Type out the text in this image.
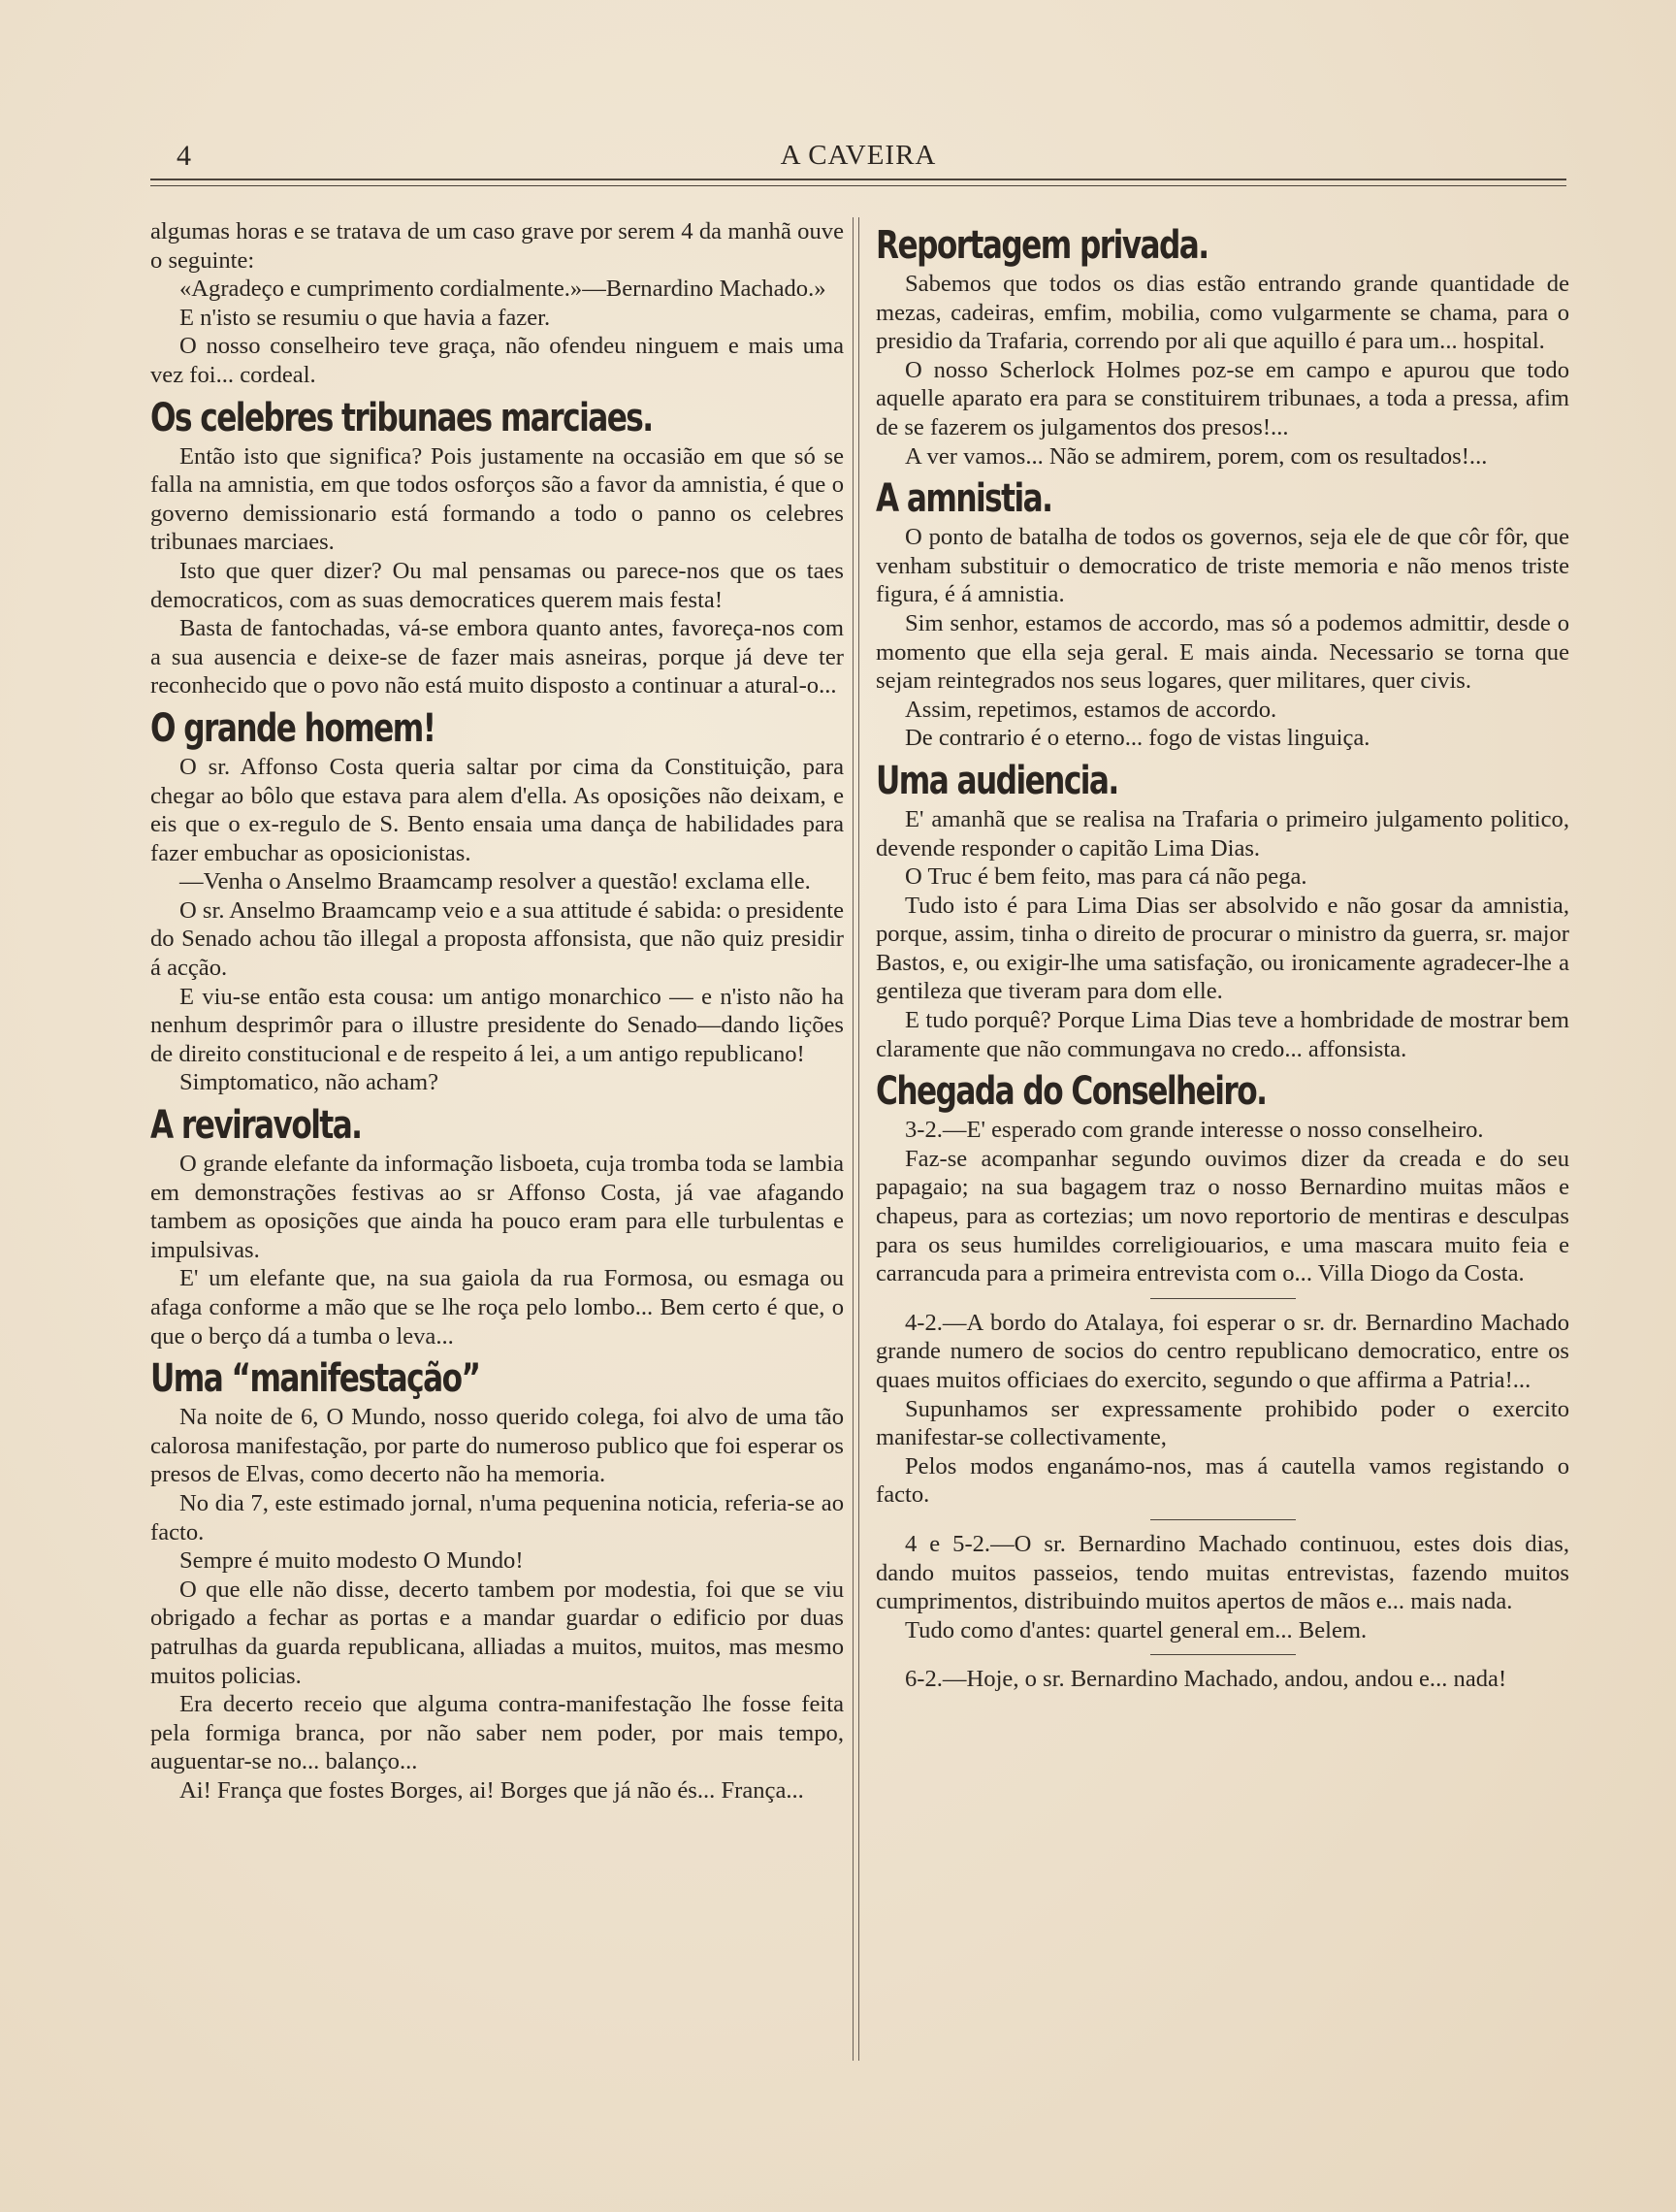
4	A CAVEIRA

algumas horas e se tratava de um caso grave por serem 4 da manhã ouve o seguinte:

«Agradeço e cumprimento cordialmente.»—Bernardino Machado.»

E n'isto se resumiu o que havia a fazer.

O nosso conselheiro teve graça, não ofendeu ninguem e mais uma vez foi... cordeal.

Os celebres tribunaes marciaes.

Então isto que significa? Pois justamente na occasião em que só se falla na amnistia, em que todos osforços são a favor da amnistia, é que o governo demissionario está formando a todo o panno os celebres tribunaes marciaes.

Isto que quer dizer? Ou mal pensamas ou parece-nos que os taes democraticos, com as suas democratices querem mais festa!

Basta de fantochadas, vá-se embora quanto antes, favoreça-nos com a sua ausencia e deixe-se de fazer mais asneiras, porque já deve ter reconhecido que o povo não está muito disposto a continuar a atural-o...

O grande homem!

O sr. Affonso Costa queria saltar por cima da Constituição, para chegar ao bôlo que estava para alem d'ella. As oposições não deixam, e eis que o ex-regulo de S. Bento ensaia uma dança de habilidades para fazer embuchar as oposicionistas.

—Venha o Anselmo Braamcamp resolver a questão! exclama elle.

O sr. Anselmo Braamcamp veio e a sua attitude é sabida: o presidente do Senado achou tão illegal a proposta affonsista, que não quiz presidir á acção.

E viu-se então esta cousa: um antigo monarchico — e n'isto não ha nenhum desprimôr para o illustre presidente do Senado—dando lições de direito constitucional e de respeito á lei, a um antigo republicano!

Simptomatico, não acham?

A reviravolta.

O grande elefante da informação lisboeta, cuja tromba toda se lambia em demonstrações festivas ao sr Affonso Costa, já vae afagando tambem as oposições que ainda ha pouco eram para elle turbulentas e impulsivas.

E' um elefante que, na sua gaiola da rua Formosa, ou esmaga ou afaga conforme a mão que se lhe roça pelo lombo... Bem certo é que, o que o berço dá a tumba o leva...

Uma “manifestação”

Na noite de 6, O Mundo, nosso querido colega, foi alvo de uma tão calorosa manifestação, por parte do numeroso publico que foi esperar os presos de Elvas, como decerto não ha memoria.

No dia 7, este estimado jornal, n'uma pequenina noticia, referia-se ao facto.

Sempre é muito modesto O Mundo!

O que elle não disse, decerto tambem por modestia, foi que se viu obrigado a fechar as portas e a mandar guardar o edificio por duas patrulhas da guarda republicana, alliadas a muitos, muitos, mas mesmo muitos policias.

Era decerto receio que alguma contra-manifestação lhe fosse feita pela formiga branca, por não saber nem poder, por mais tempo, auguentar-se no... balanço...

Ai! França que fostes Borges, ai! Borges que já não és... França...

Reportagem privada.

Sabemos que todos os dias estão entrando grande quantidade de mezas, cadeiras, emfim, mobilia, como vulgarmente se chama, para o presidio da Trafaria, correndo por ali que aquillo é para um... hospital.

O nosso Scherlock Holmes poz-se em campo e apurou que todo aquelle aparato era para se constituirem tribunaes, a toda a pressa, afim de se fazerem os julgamentos dos presos!...

A ver vamos... Não se admirem, porem, com os resultados!...

A amnistia.

O ponto de batalha de todos os governos, seja ele de que côr fôr, que venham substituir o democratico de triste memoria e não menos triste figura, é á amnistia.

Sim senhor, estamos de accordo, mas só a podemos admittir, desde o momento que ella seja geral. E mais ainda. Necessario se torna que sejam reintegrados nos seus logares, quer militares, quer civis.

Assim, repetimos, estamos de accordo.

De contrario é o eterno... fogo de vistas linguiça.

Uma audiencia.

E' amanhã que se realisa na Trafaria o primeiro julgamento politico, devende responder o capitão Lima Dias.

O Truc é bem feito, mas para cá não pega.

Tudo isto é para Lima Dias ser absolvido e não gosar da amnistia, porque, assim, tinha o direito de procurar o ministro da guerra, sr. major Bastos, e, ou exigir-lhe uma satisfação, ou ironicamente agradecer-lhe a gentileza que tiveram para dom elle.

E tudo porquê? Porque Lima Dias teve a hombridade de mostrar bem claramente que não commungava no credo... affonsista.

Chegada do Conselheiro.

3-2.—E' esperado com grande interesse o nosso conselheiro.

Faz-se acompanhar segundo ouvimos dizer da creada e do seu papagaio; na sua bagagem traz o nosso Bernardino muitas mãos e chapeus, para as cortezias; um novo reportorio de mentiras e desculpas para os seus humildes correligiouarios, e uma mascara muito feia e carrancuda para a primeira entrevista com o... Villa Diogo da Costa.

4-2.—A bordo do Atalaya, foi esperar o sr. dr. Bernardino Machado grande numero de socios do centro republicano democratico, entre os quaes muitos officiaes do exercito, segundo o que affirma a Patria!...

Supunhamos ser expressamente prohibido poder o exercito manifestar-se collectivamente,

Pelos modos enganámo-nos, mas á cautella vamos registando o facto.

4 e 5-2.—O sr. Bernardino Machado continuou, estes dois dias, dando muitos passeios, tendo muitas entrevistas, fazendo muitos cumprimentos, distribuindo muitos apertos de mãos e... mais nada.

Tudo como d'antes: quartel general em... Belem.

6-2.—Hoje, o sr. Bernardino Machado, andou, andou e... nada!
